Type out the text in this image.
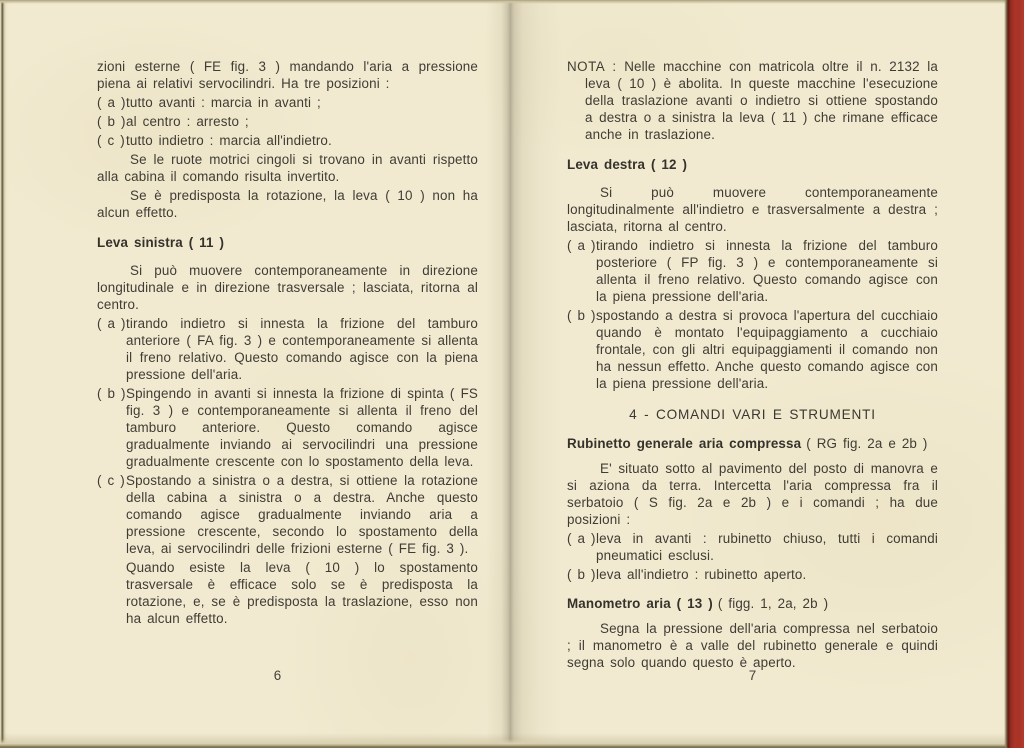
zioni esterne ( FE fig. 3 ) mandando l'aria a pressione piena ai relativi servocilindri. Ha tre posizioni :

( a ) tutto avanti : marcia in avanti ;
( b ) al centro : arresto ;
( c ) tutto indietro : marcia all'indietro.

Se le ruote motrici cingoli si trovano in avanti rispetto alla cabina il comando risulta invertito.

Se è predisposta la rotazione, la leva ( 10 ) non ha alcun effetto.

Leva sinistra ( 11 )

Si può muovere contemporaneamente in direzione longitudinale e in direzione trasversale ; lasciata, ritorna al centro.

( a ) tirando indietro si innesta la frizione del tamburo anteriore ( FA fig. 3 ) e contemporaneamente si allenta il freno relativo. Questo comando agisce con la piena pressione dell'aria.
( b ) Spingendo in avanti si innesta la frizione di spinta ( FS fig. 3 ) e contemporaneamente si allenta il freno del tamburo anteriore. Questo comando agisce gradualmente inviando ai servocilindri una pressione gradualmente crescente con lo spostamento della leva.
( c ) Spostando a sinistra o a destra, si ottiene la rotazione della cabina a sinistra o a destra. Anche questo comando agisce gradualmente inviando aria a pressione crescente, secondo lo spostamento della leva, ai servocilindri delle frizioni esterne ( FE fig. 3 ).
Quando esiste la leva ( 10 ) lo spostamento trasversale è efficace solo se è predisposta la rotazione, e, se è predisposta la traslazione, esso non ha alcun effetto.
6

NOTA : Nelle macchine con matricola oltre il n. 2132 la leva ( 10 ) è abolita. In queste macchine l'esecuzione della traslazione avanti o indietro si ottiene spostando a destra o a sinistra la leva ( 11 ) che rimane efficace anche in traslazione.

Leva destra ( 12 )

Si può muovere contemporaneamente longitudinalmente all'indietro e trasversalmente a destra ; lasciata, ritorna al centro.

( a ) tirando indietro si innesta la frizione del tamburo posteriore ( FP fig. 3 ) e contemporaneamente si allenta il freno relativo. Questo comando agisce con la piena pressione dell'aria.
( b ) spostando a destra si provoca l'apertura del cucchiaio quando è montato l'equipaggiamento a cucchiaio frontale, con gli altri equipaggiamenti il comando non ha nessun effetto. Anche questo comando agisce con la piena pressione dell'aria.
4 - COMANDI VARI E STRUMENTI
Rubinetto generale aria compressa ( RG fig. 2a e 2b )

E' situato sotto al pavimento del posto di manovra e si aziona da terra. Intercetta l'aria compressa fra il serbatoio ( S fig. 2a e 2b ) e i comandi ; ha due posizioni :

( a ) leva in avanti : rubinetto chiuso, tutti i comandi pneumatici esclusi.
( b ) leva all'indietro : rubinetto aperto.
Manometro aria ( 13 ) ( figg. 1, 2a, 2b )

Segna la pressione dell'aria compressa nel serbatoio ; il manometro è a valle del rubinetto generale e quindi segna solo quando questo è aperto.

7
